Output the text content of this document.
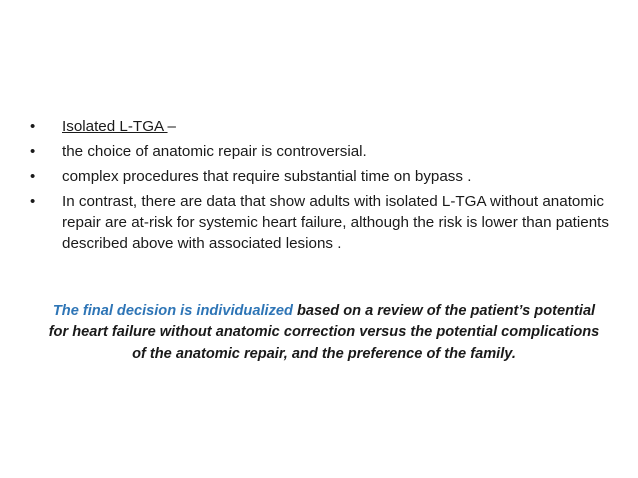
• Isolated L-TGA –
• the choice of anatomic repair is controversial.
• complex procedures that require substantial time on bypass .
• In contrast, there are data that show adults with isolated L-TGA without anatomic repair are at-risk for systemic heart failure, although the risk is lower than patients described above with associated lesions .

The final decision is individualized based on a review of the patient’s potential for heart failure without anatomic correction versus the potential complications of the anatomic repair, and the preference of the family.
